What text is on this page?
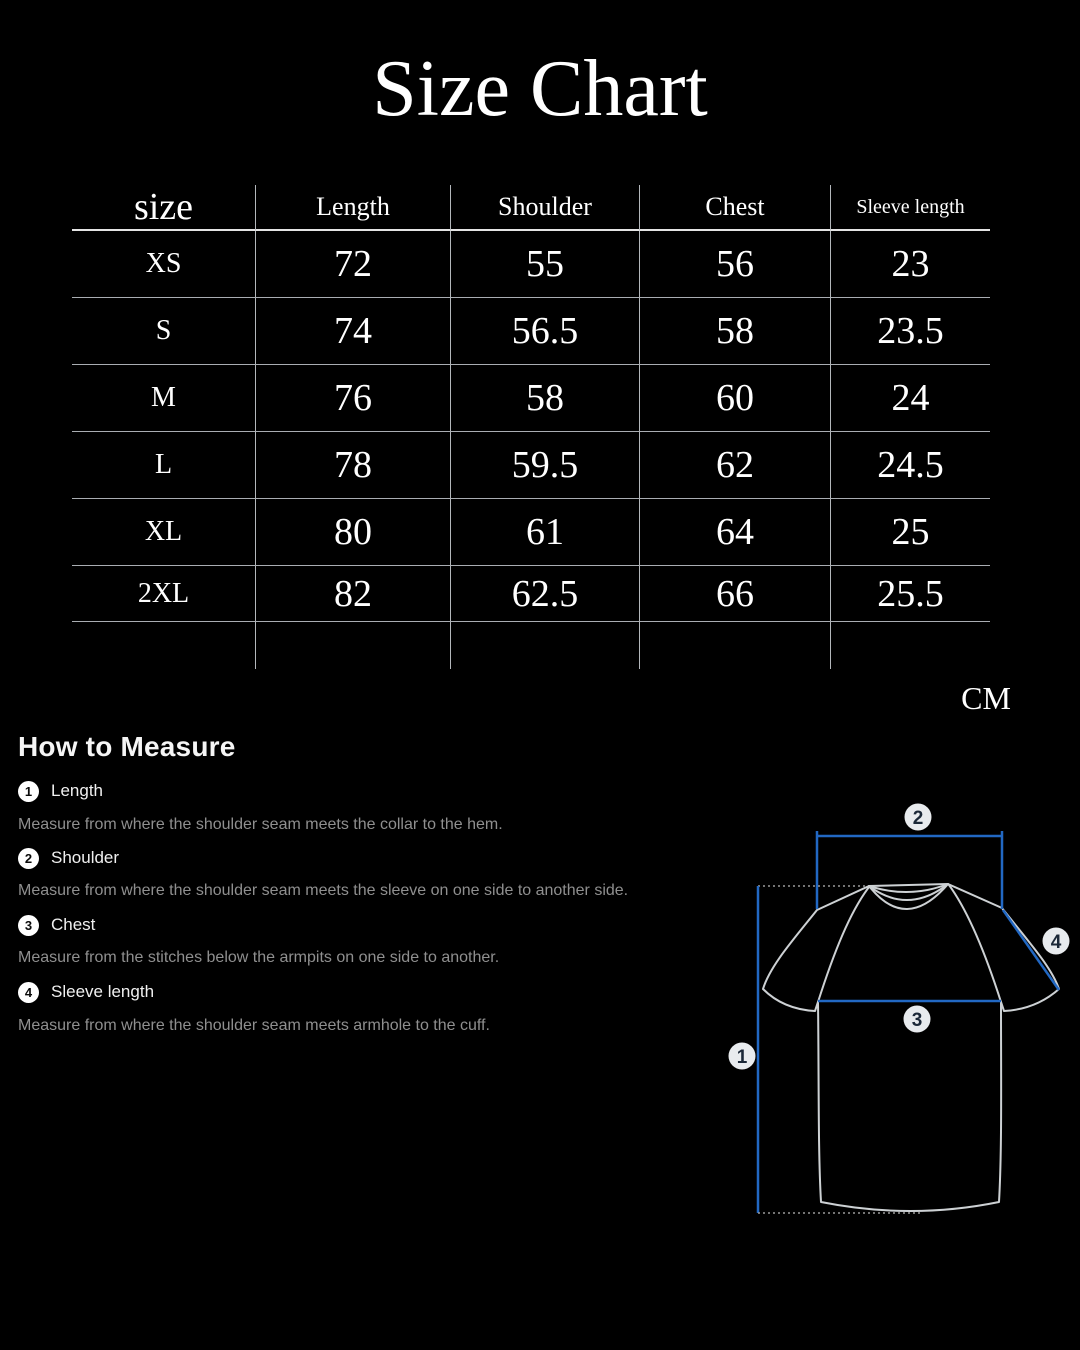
Size Chart
size	Length	Shoulder	Chest	Sleeve length
XS	72	55	56	23
S	74	56.5	58	23.5
M	76	58	60	24
L	78	59.5	62	24.5
XL	80	61	64	25
2XL	82	62.5	66	25.5
CM
How to Measure
1	Length
Measure from where the shoulder seam meets the collar to the hem.
2	Shoulder
Measure from where the shoulder seam meets the sleeve on one side to another side.
3	Chest
Measure from the stitches below the armpits on one side to another.
4	Sleeve length
Measure from where the shoulder seam meets armhole to the cuff.
1
2
3
4
